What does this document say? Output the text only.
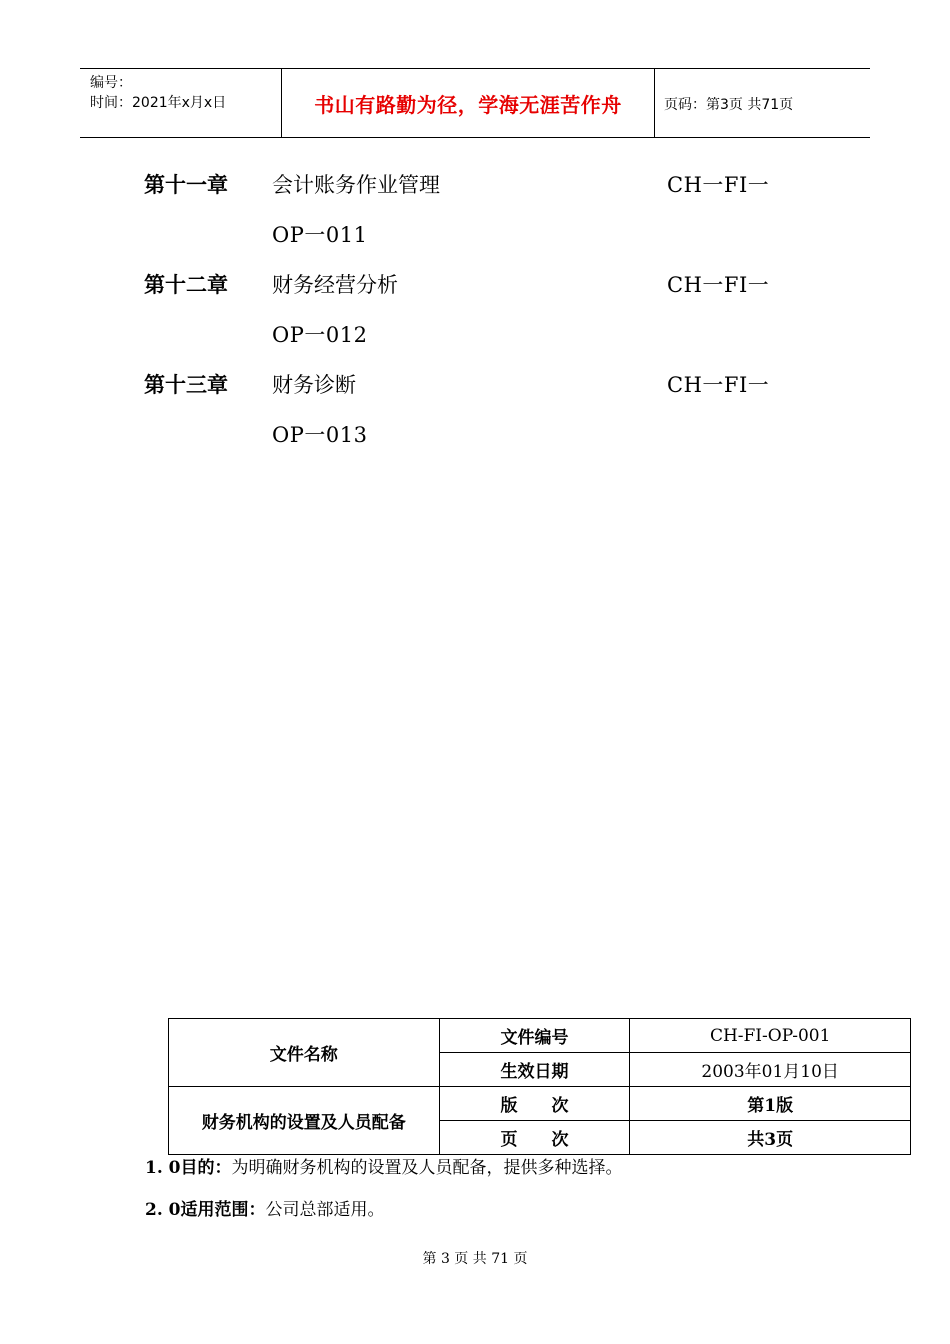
编号：
时间：2021年x月x日	书山有路勤为径，学海无涯苦作舟	页码：第3页 共71页
第十一章 会计账务作业管理	CH一FI一
OP一011
第十二章 财务经营分析	CH一FI一
OP一012
第十三章 财务诊断	CH一FI一
OP一013
文件名称	文件编号	CH-FI-OP-001
	生效日期	2003年01月10日
财务机构的设置及人员配备	版　　次	第1版
	页　　次	共3页
1. 0目的：为明确财务机构的设置及人员配备，提供多种选择。
2. 0适用范围：公司总部适用。
第 3 页 共 71 页
